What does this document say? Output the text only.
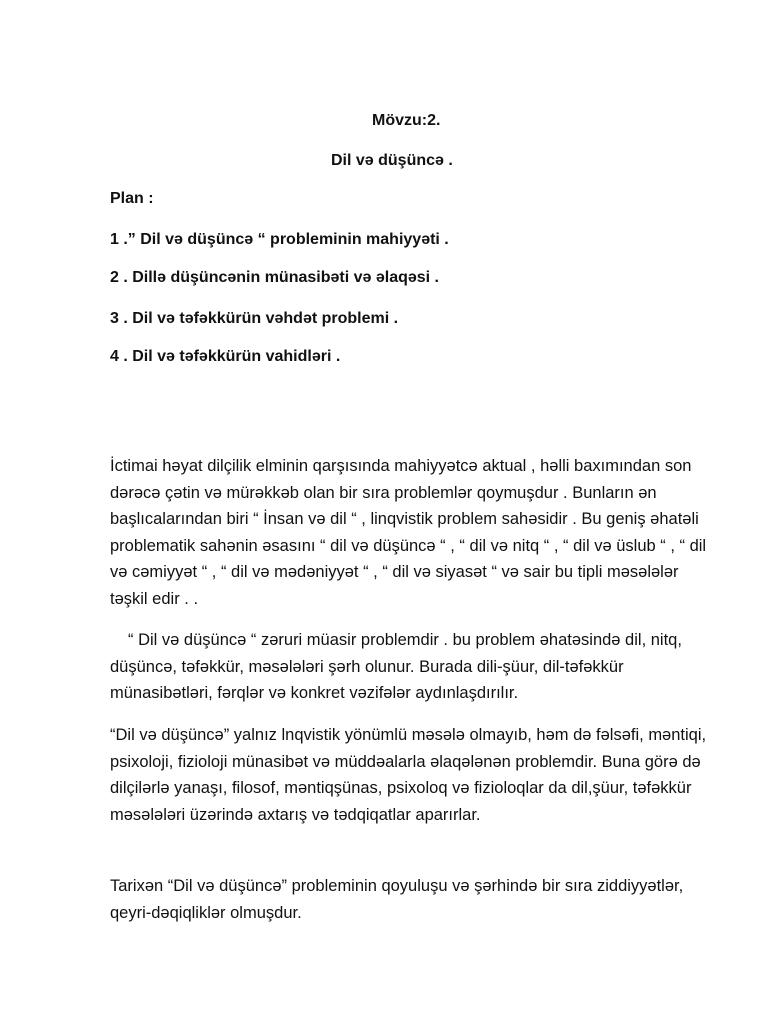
Mövzu:2.
Dil və düşüncə .
Plan :
1 .” Dil və düşüncə “ probleminin mahiyyəti .
2 . Dillə düşüncənin münasibəti və əlaqəsi .
3 . Dil və təfəkkürün vəhdət problemi .
4 . Dil və təfəkkürün vahidləri .

İctimai həyat dilçilik elminin qarşısında mahiyyətcə aktual , həlli baxımından son dərəcə çətin və mürəkkəb olan bir sıra problemlər qoymuşdur . Bunların ən başlıcalarından biri “ İnsan və dil “ , linqvistik problem sahəsidir . Bu geniş əhatəli problematik sahənin əsasını “ dil və düşüncə “ , “ dil və nitq “ , “ dil və üslub “ , “ dil və cəmiyyət “ , “ dil və mədəniyyət “ , “ dil və siyasət “ və sair bu tipli məsələlər təşkil edir . .

“ Dil və düşüncə “ zəruri müasir problemdir . bu problem əhatəsində dil, nitq, düşüncə, təfəkkür, məsələləri şərh olunur. Burada dili-şüur, dil-təfəkkür münasibətləri, fərqlər və konkret vəzifələr aydınlaşdırılır.

“Dil və düşüncə” yalnız lnqvistik yönümlü məsələ olmayıb, həm də fəlsəfi, məntiqi, psixoloji, fizioloji münasibət və müddəalarla əlaqələnən problemdir. Buna görə də dilçilərlə yanaşı, filosof, məntiqşünas, psixoloq və fizioloqlar da dil,şüur, təfəkkür məsələləri üzərində axtarış və tədqiqatlar aparırlar.

Tarixən “Dil və düşüncə” probleminin qoyuluşu və şərhində bir sıra ziddiyyətlər, qeyri-dəqiqliklər olmuşdur.
